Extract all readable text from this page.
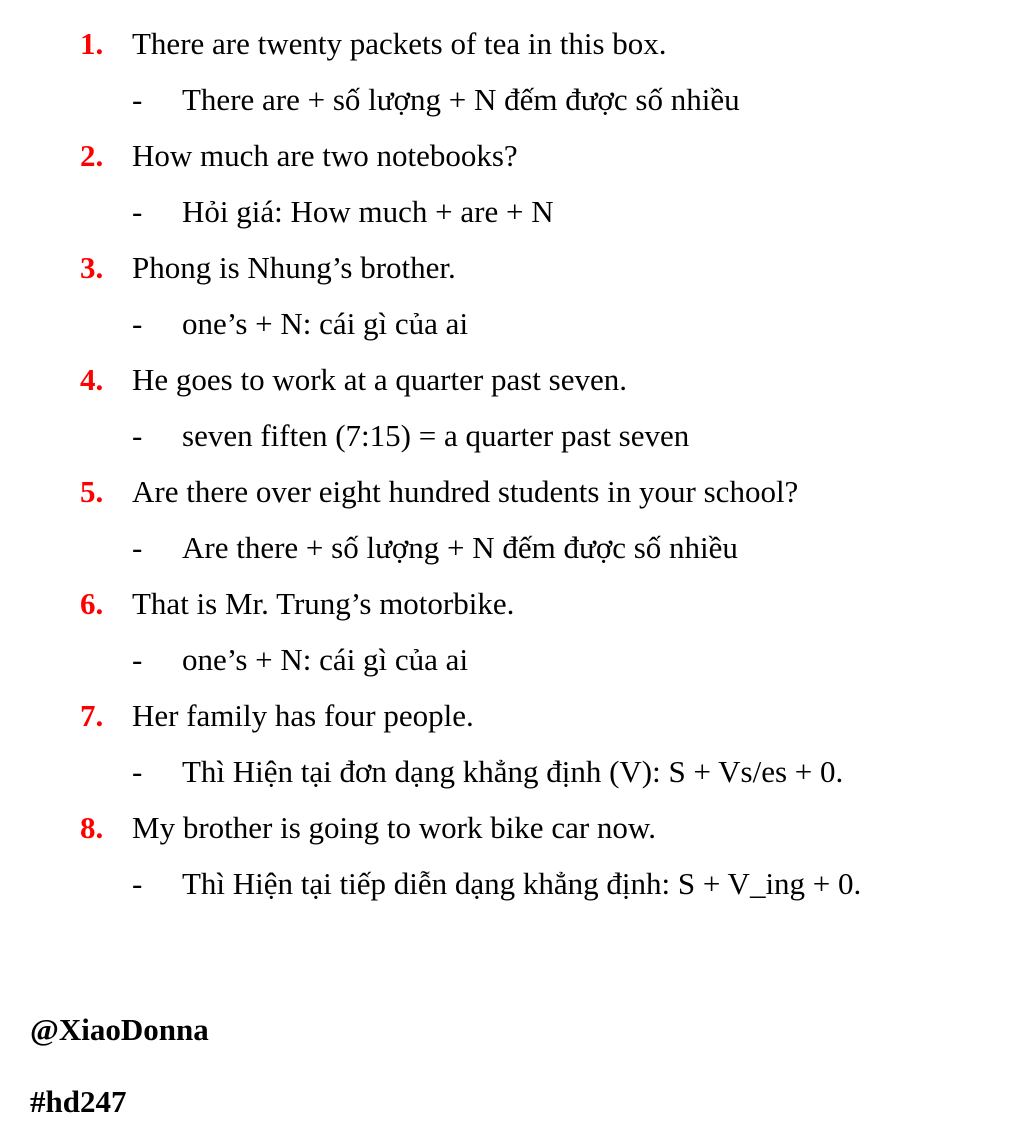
1. There are twenty packets of tea in this box.
- There are + số lượng + N đếm được số nhiều
2. How much are two notebooks?
- Hỏi giá: How much + are + N
3. Phong is Nhung’s brother.
- one’s + N: cái gì của ai
4. He goes to work at a quarter past seven.
- seven fiften (7:15) = a quarter past seven
5. Are there over eight hundred students in your school?
- Are there + số lượng + N đếm được số nhiều
6. That is Mr. Trung’s motorbike.
- one’s + N: cái gì của ai
7. Her family has four people.
- Thì Hiện tại đơn dạng khẳng định (V): S + Vs/es + 0.
8. My brother is going to work bike car now.
- Thì Hiện tại tiếp diễn dạng khẳng định: S + V_ing + 0.
@XiaoDonna
#hd247
